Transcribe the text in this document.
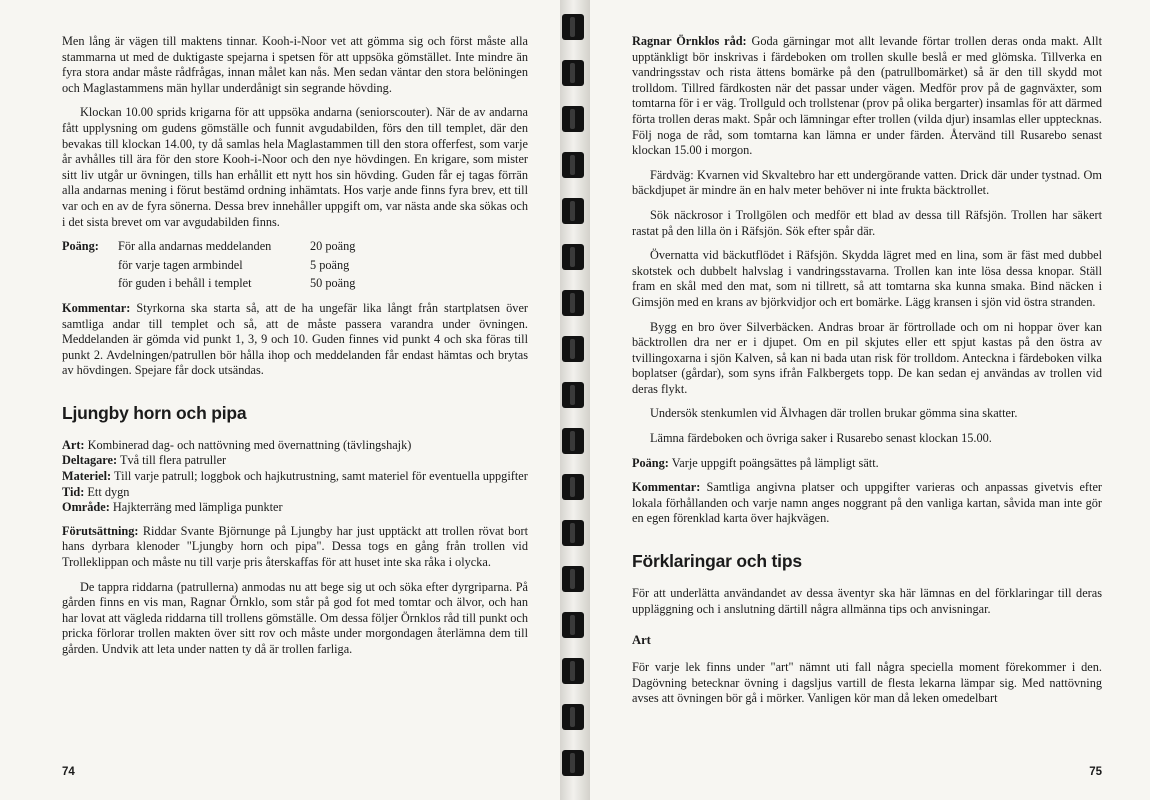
Men lång är vägen till maktens tinnar. Kooh-i-Noor vet att gömma sig och först måste alla stammarna ut med de duktigaste spejarna i spetsen för att uppsöka gömstället. Inte mindre än fyra stora andar måste rådfrågas, innan målet kan nås. Men sedan väntar den stora belöningen och Maglastammens män hyllar underdånigt sin segrande hövding.

Klockan 10.00 sprids krigarna för att uppsöka andarna (seniorscouter). När de av andarna fått upplysning om gudens gömställe och funnit avgudabilden, förs den till templet, där den bevakas till klockan 14.00, ty då samlas hela Maglastammen till den stora offerfest, som varje år avhålles till ära för den store Kooh-i-Noor och den nye hövdingen. En krigare, som mister sitt liv utgår ur övningen, tills han erhållit ett nytt hos sin hövding. Guden får ej tagas förrän alla andarnas mening i förut bestämd ordning inhämtats. Hos varje ande finns fyra brev, ett till var och en av de fyra sönerna. Dessa brev innehåller uppgift om, var nästa ande ska sökas och i det sista brevet om var avgudabilden finns.

Poäng:	För alla andarnas meddelanden	20 poäng
	för varje tagen armbindel	5 poäng
	för guden i behåll i templet	50 poäng

Kommentar: Styrkorna ska starta så, att de ha ungefär lika långt från startplatsen över samtliga andar till templet och så, att de måste passera varandra under övningen. Meddelanden är gömda vid punkt 1, 3, 9 och 10. Guden finnes vid punkt 4 och ska föras till punkt 2. Avdelningen/patrullen bör hålla ihop och meddelanden får endast hämtas och brytas av hövdingen. Spejare får dock utsändas.

Ljungby horn och pipa

Art: Kombinerad dag- och nattövning med övernattning (tävlingshajk)

Deltagare: Två till flera patruller

Materiel: Till varje patrull; loggbok och hajkutrustning, samt materiel för eventuella uppgifter

Tid: Ett dygn

Område: Hajkterräng med lämpliga punkter

Förutsättning: Riddar Svante Björnunge på Ljungby har just upptäckt att trollen rövat bort hans dyrbara klenoder "Ljungby horn och pipa". Dessa togs en gång från trollen vid Trolleklippan och måste nu till varje pris återskaffas för att huset inte ska råka i olycka.

De tappra riddarna (patrullerna) anmodas nu att bege sig ut och söka efter dyrgriparna. På gården finns en vis man, Ragnar Örnklo, som står på god fot med tomtar och älvor, och han har lovat att vägleda riddarna till trollens gömställe. Om dessa följer Örnklos råd till punkt och pricka förlorar trollen makten över sitt rov och måste under morgondagen återlämna dem till gården. Undvik att leta under natten ty då är trollen farliga.

74

Ragnar Örnklos råd: Goda gärningar mot allt levande förtar trollen deras onda makt. Allt upptänkligt bör inskrivas i färdeboken om trollen skulle beslå er med glömska. Tillverka en vandringsstav och rista ättens bomärke på den (patrullbomärket) så är den till skydd mot trolldom. Tillred färdkosten när det passar under vägen. Medför prov på de gagnväxter, som tomtarna för i er väg. Trollguld och trollstenar (prov på olika bergarter) insamlas för att därmed förta trollen deras makt. Spår och lämningar efter trollen (vilda djur) insamlas eller upptecknas. Följ noga de råd, som tomtarna kan lämna er under färden. Återvänd till Rusarebo senast klockan 15.00 i morgon.

Färdväg: Kvarnen vid Skvaltebro har ett undergörande vatten. Drick där under tystnad. Om bäckdjupet är mindre än en halv meter behöver ni inte frukta bäcktrollet.

Sök näckrosor i Trollgölen och medför ett blad av dessa till Räfsjön. Trollen har säkert rastat på den lilla ön i Räfsjön. Sök efter spår där.

Övernatta vid bäckutflödet i Räfsjön. Skydda lägret med en lina, som är fäst med dubbel skotstek och dubbelt halvslag i vandringsstavarna. Trollen kan inte lösa dessa knopar. Ställ fram en skål med den mat, som ni tillrett, så att tomtarna ska kunna smaka. Bind näcken i Gimsjön med en krans av björkvidjor och ert bomärke. Lägg kransen i sjön vid östra stranden.

Bygg en bro över Silverbäcken. Andras broar är förtrollade och om ni hoppar över kan bäcktrollen dra ner er i djupet. Om en pil skjutes eller ett spjut kastas på den östra av tvillingoxarna i sjön Kalven, så kan ni bada utan risk för trolldom. Anteckna i färdeboken vilka boplatser (gårdar), som syns ifrån Falkbergets topp. De kan sedan ej användas av trollen vid deras flykt.

Undersök stenkumlen vid Älvhagen där trollen brukar gömma sina skatter.

Lämna färdeboken och övriga saker i Rusarebo senast klockan 15.00.

Poäng: Varje uppgift poängsättes på lämpligt sätt.

Kommentar: Samtliga angivna platser och uppgifter varieras och anpassas givetvis efter lokala förhållanden och varje namn anges noggrant på den vanliga kartan, såvida man inte gör en egen förenklad karta över hajkvägen.

Förklaringar och tips

För att underlätta användandet av dessa äventyr ska här lämnas en del förklaringar till deras uppläggning och i anslutning därtill några allmänna tips och anvisningar.

Art

För varje lek finns under "art" nämnt uti fall några speciella moment förekommer i den. Dagövning betecknar övning i dagsljus vartill de flesta lekarna lämpar sig. Med nattövning avses att övningen bör gå i mörker. Vanligen kör man då leken omedelbart

75
